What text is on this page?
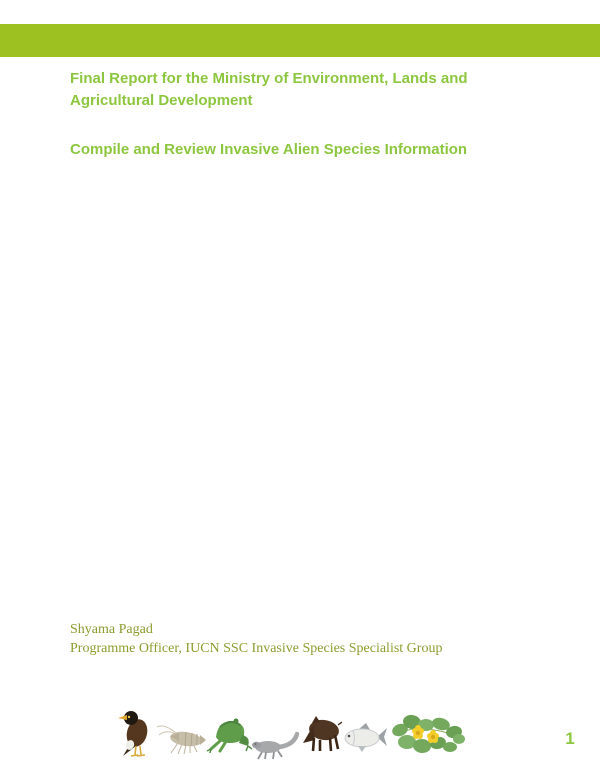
Final Report for the Ministry of Environment, Lands and Agricultural Development
Compile and Review Invasive Alien Species Information

Shyama Pagad

Programme Officer, IUCN SSC Invasive Species Specialist Group

1
